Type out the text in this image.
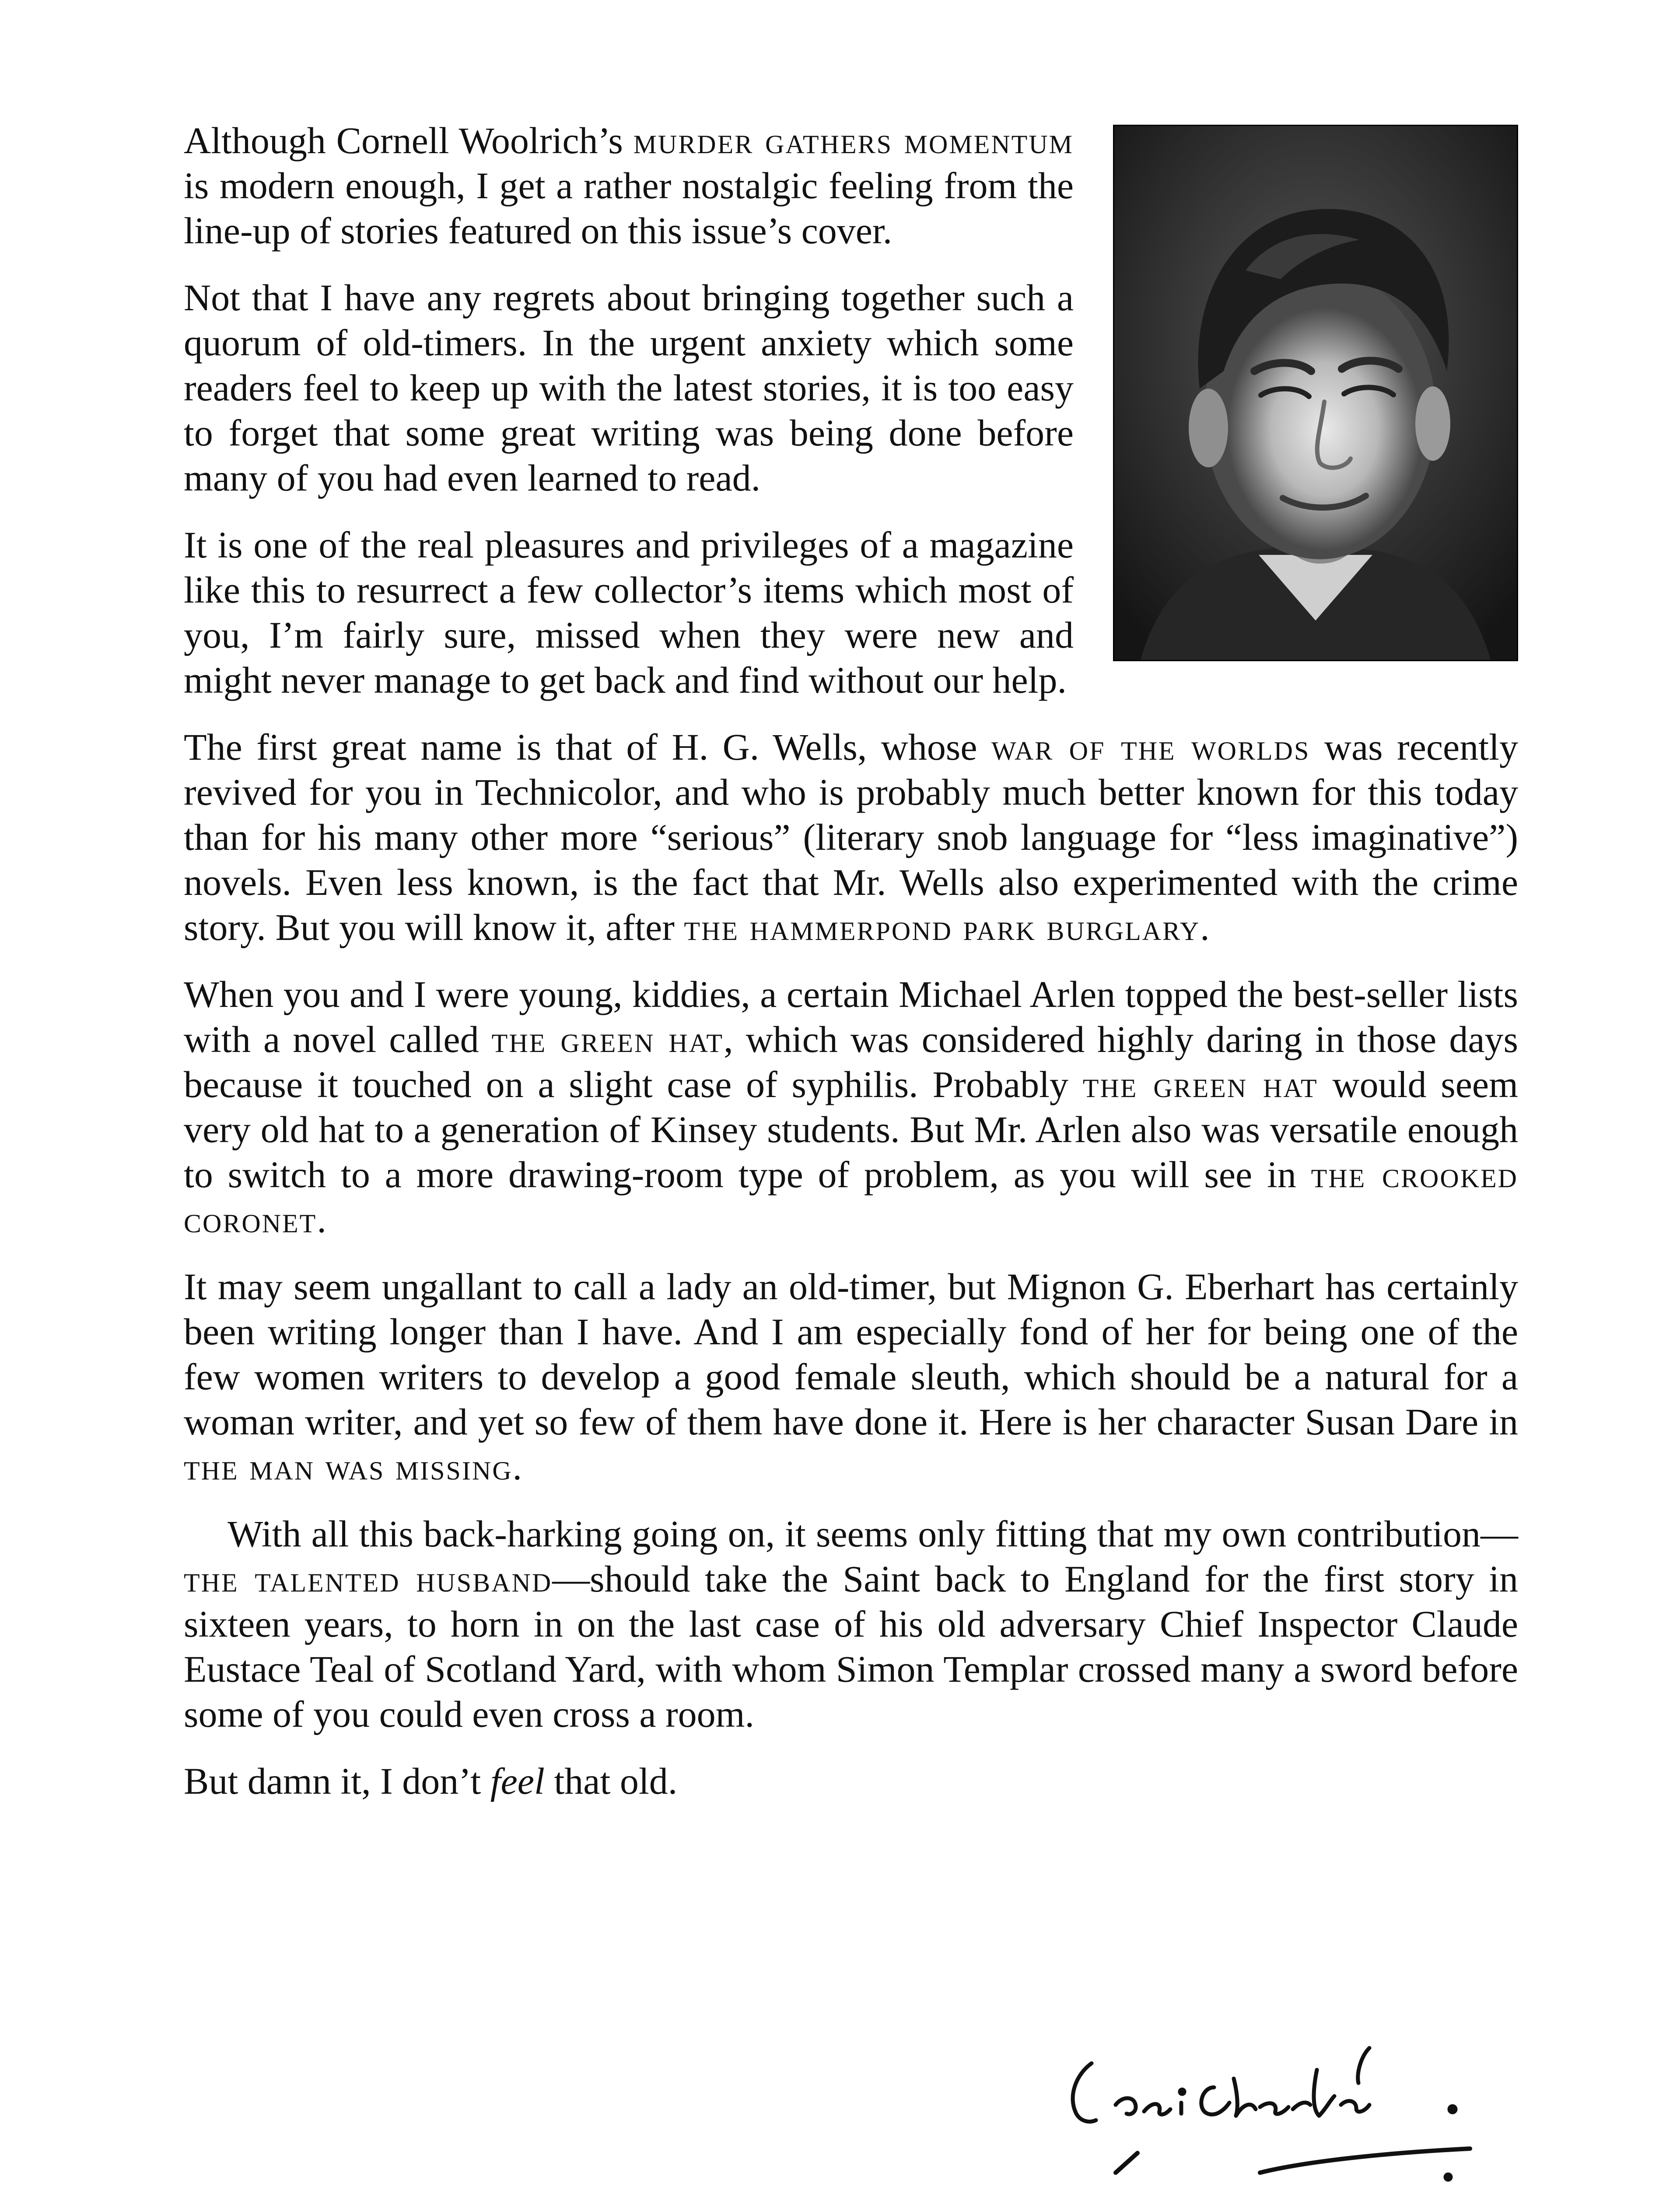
Although Cornell Woolrich’s murder gathers momentum is modern enough, I get a rather nostalgic feeling from the line-up of stories featured on this issue’s cover.

Not that I have any regrets about bringing together such a quorum of old-timers. In the urgent anxiety which some readers feel to keep up with the latest stories, it is too easy to forget that some great writing was being done before many of you had even learned to read.

It is one of the real pleasures and privileges of a magazine like this to resurrect a few collector’s items which most of you, I’m fairly sure, missed when they were new and might never manage to get back and find without our help.

The first great name is that of H. G. Wells, whose war of the worlds was recently revived for you in Technicolor, and who is probably much better known for this today than for his many other more “serious” (literary snob language for “less imaginative”) novels. Even less known, is the fact that Mr. Wells also experimented with the crime story. But you will know it, after the hammerpond park burglary.

When you and I were young, kiddies, a certain Michael Arlen topped the best-seller lists with a novel called the green hat, which was considered highly daring in those days because it touched on a slight case of syphilis. Probably the green hat would seem very old hat to a generation of Kinsey students. But Mr. Arlen also was versatile enough to switch to a more drawing-room type of problem, as you will see in the crooked coronet.

It may seem ungallant to call a lady an old-timer, but Mignon G. Eberhart has certainly been writing longer than I have. And I am especially fond of her for being one of the few women writers to develop a good female sleuth, which should be a natural for a woman writer, and yet so few of them have done it. Here is her character Susan Dare in the man was missing.

With all this back-harking going on, it seems only fitting that my own contribution—the talented husband—should take the Saint back to England for the first story in sixteen years, to horn in on the last case of his old adversary Chief Inspector Claude Eustace Teal of Scotland Yard, with whom Simon Templar crossed many a sword before some of you could even cross a room.

But damn it, I don’t feel that old.
